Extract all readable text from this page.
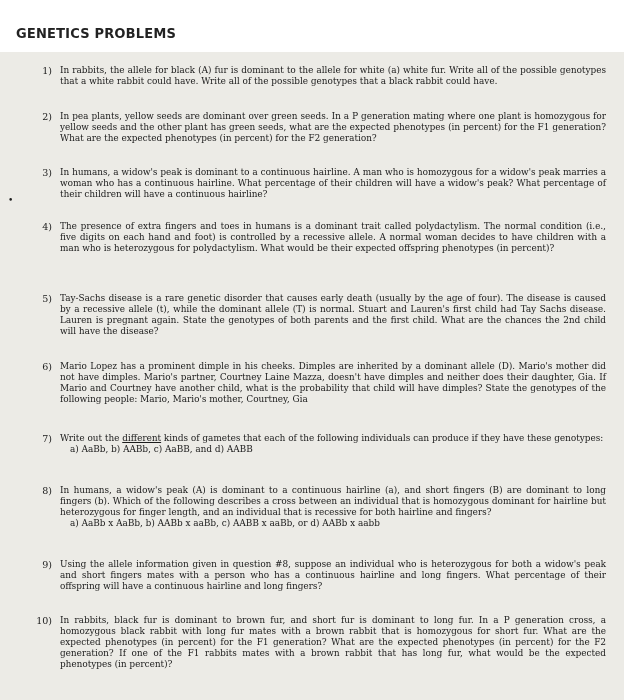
GENETICS PROBLEMS
•
1) In rabbits, the allele for black (A) fur is dominant to the allele for white (a) white fur. Write all of the possible genotypes that a white rabbit could have. Write all of the possible genotypes that a black rabbit could have.
2) In pea plants, yellow seeds are dominant over green seeds. In a P generation mating where one plant is homozygous for yellow seeds and the other plant has green seeds, what are the expected phenotypes (in percent) for the F1 generation? What are the expected phenotypes (in percent) for the F2 generation?
3) In humans, a widow's peak is dominant to a continuous hairline. A man who is homozygous for a widow's peak marries a woman who has a continuous hairline. What percentage of their children will have a widow's peak? What percentage of their children will have a continuous hairline?
4) The presence of extra fingers and toes in humans is a dominant trait called polydactylism. The normal condition (i.e., five digits on each hand and foot) is controlled by a recessive allele. A normal woman decides to have children with a man who is heterozygous for polydactylism. What would be their expected offspring phenotypes (in percent)?
5) Tay-Sachs disease is a rare genetic disorder that causes early death (usually by the age of four). The disease is caused by a recessive allele (t), while the dominant allele (T) is normal. Stuart and Lauren's first child had Tay Sachs disease. Lauren is pregnant again. State the genotypes of both parents and the first child. What are the chances the 2nd child will have the disease?
6) Mario Lopez has a prominent dimple in his cheeks. Dimples are inherited by a dominant allele (D). Mario's mother did not have dimples. Mario's partner, Courtney Laine Mazza, doesn't have dimples and neither does their daughter, Gia. If Mario and Courtney have another child, what is the probability that child will have dimples? State the genotypes of the following people: Mario, Mario's mother, Courtney, Gia
7) Write out the different kinds of gametes that each of the following individuals can produce if they have these genotypes:
a) AaBb, b) AABb, c) AaBB, and d) AABB
8) In humans, a widow's peak (A) is dominant to a continuous hairline (a), and short fingers (B) are dominant to long fingers (b). Which of the following describes a cross between an individual that is homozygous dominant for hairline but heterozygous for finger length, and an individual that is recessive for both hairline and fingers?
a) AaBb x AaBb, b) AABb x aaBb, c) AABB x aaBb, or d) AABb x aabb
9) Using the allele information given in question #8, suppose an individual who is heterozygous for both a widow's peak and short fingers mates with a person who has a continuous hairline and long fingers. What percentage of their offspring will have a continuous hairline and long fingers?
10) In rabbits, black fur is dominant to brown fur, and short fur is dominant to long fur. In a P generation cross, a homozygous black rabbit with long fur mates with a brown rabbit that is homozygous for short fur. What are the expected phenotypes (in percent) for the F1 generation? What are the expected phenotypes (in percent) for the F2 generation? If one of the F1 rabbits mates with a brown rabbit that has long fur, what would be the expected phenotypes (in percent)?
